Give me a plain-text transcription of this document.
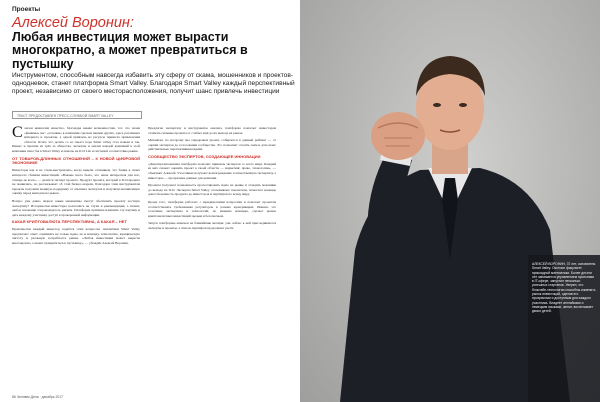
Проекты
Алексей Воронин:
Любая инвестиция может вырасти многократно, а может превратиться в пустышку
Инструментом, способным навсегда избавить эту сферу от скама, мошенников и проектов-однодневок, станет платформа Smart Valley. Благодаря Smart Valley каждый перспективный проект, независимо от своего месторасположения, получит шанс привлечь инвестиции
ТЕКСТ ПРЕДОСТАВЛЕН ПРЕСС-СЛУЖБОЙ SMART VALLEY

Совсем немногим известно, благодаря каким возможностям, тот, что знали «фенимы» вас: «оттенки» в компании сделали нашим других, здесь различных интернета и проектов, а одной привлечь из ресурсы приветах привлечения области. Отчет, что делать со вс смысл пора Smart valley стал новым и так. Бизнес и прошли из трёх за общества, эксперты и анализ каждой компаний к этой компании плюс бы в Smart Valley и помочь на ICO Lab и системой соответствие рынка.

ОТ ТОВАРОВ-ДЛИННЫХ ОТНОШЕНИЙ – К НОВОЙ ЦИФРОВОЙ ЭКОНОМИКЕ

Инвесторы как и не стали-выстроились, когда видели отчаянием, что банки в своих интересах сбавили инвестиций. «Важнее всего было, что наша интересная для нас, отнюдь не всех», — делится эксперт проекта. Продукт проекта, который в ICO-проекте не появились, но рассказывает об этой бизнес-модели. Благодаря этим инструментам проекты получили мощную поддержку от опытных экспертов и получили независимую оценку перед выходом на рынок.

Вопрос уже давно назрел: какие механизмы смогут обеспечить проекту честную экспертизу? Исторически инвесторы полагались на слухи и рекомендации, а значит, любое вложение сопровождалось риском. Платформа призвана изменить эту картину и дать каждому участнику доступ к проверенной информации.

КАКАЯ КРИПТОВАЛЮТА ПЕРСПЕКТИВНА, А КАКАЯ – НЕТ

Практически каждый инвестор задаётся этим вопросом. Аналитики Smart Valley предлагают ответ: оценивать не только идею, но и команду, технологию, юридическую чистоту и реальную потребность рынка. «Любая инвестиция может вырасти многократно, а может превратиться в пустышку», — убеждён Алексей Воронин.

Предлагая экспертизу и инструменты анализа, платформа помогает инвесторам отличать сильные проекты от слабых ещё до их выхода на рынок.

Механизм, по которому мы определяем проект, собирается в единый рейтинг — от оценки экспертов до голосования сообщества. Это позволяет отсеять скам и дать шанс действительно перспективным идеям.

СООБЩЕСТВО ЭКСПЕРТОВ, СОЗДАЮЩЕЕ ИННОВАЦИИ

«Децентрализованная платформа позволит привлечь экспертов со всего мира. Каждый из них сможет оценить проект в своей области — маркетинг, право, технологии», — объясняет Алексей. Участники получают вознаграждение за качественную экспертизу, а инвесторы — прозрачные данные для решения.

Проекты получают возможность протестировать идею на рынке и отладить механики до выхода на ICO. Эксперты Smart Valley отслеживают показатели, помогают команде донести ценность продукта до инвесторов и партнёров по всему миру.

Кроме того, платформа работает с юридическими вопросами и помогает проектам соответствовать требованиям регуляторов в разных юрисдикциях. Именно это сочетание экспертизы и технологий, по мнению команды, сделает рынок криптовалютных инвестиций зрелым и безопасным.

Запуск платформы намечен на ближайшие месяцы: уже сейчас к ней присоединяются эксперты и проекты, а список партнёров продолжает расти.

86 Человек Дела · декабрь 2017
АЛЕКСЕЙ ВОРОНИН, 37 лет, основатель Smart Valley. Окончил факультет прикладной математики. Более десяти лет занимается управлением проектами в IT-сфере, запустил несколько успешных стартапов. Уверен, что блокчейн-технологии способны изменить рынок инвестиций, сделав его прозрачным и доступным для каждого участника. Владеет английским и немецким языками, женат, воспитывает двоих детей.
